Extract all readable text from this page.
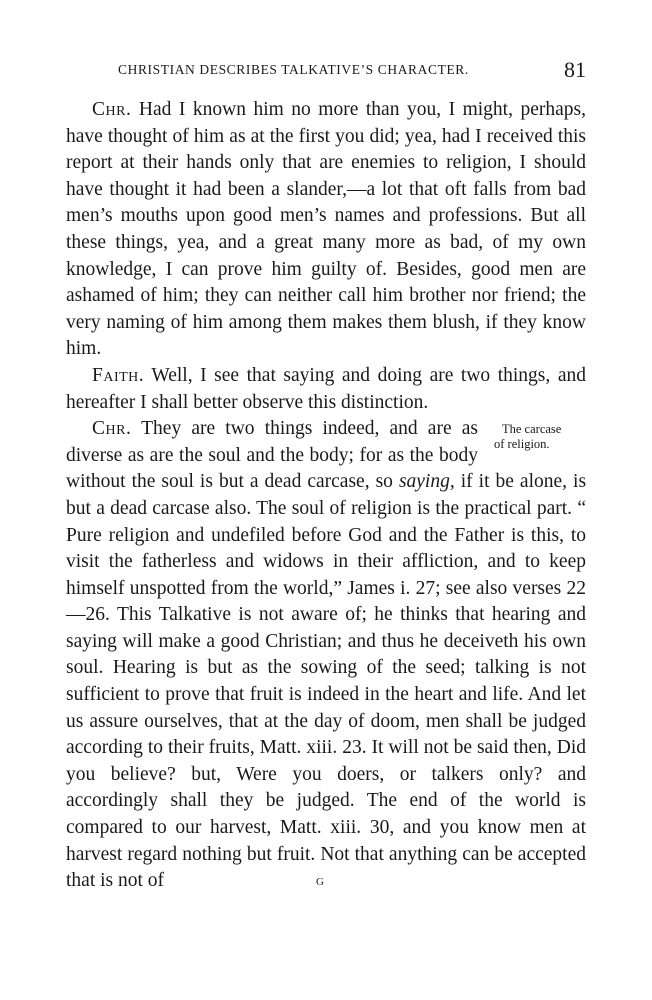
CHRISTIAN DESCRIBES TALKATIVE’S CHARACTER.	81

Chr. Had I known him no more than you, I might, perhaps, have thought of him as at the first you did; yea, had I received this report at their hands only that are enemies to religion, I should have thought it had been a slander,—a lot that oft falls from bad men’s mouths upon good men’s names and professions. But all these things, yea, and a great many more as bad, of my own knowledge, I can prove him guilty of. Besides, good men are ashamed of him; they can neither call him brother nor friend; the very naming of him among them makes them blush, if they know him.

Faith. Well, I see that saying and doing are two things, and hereafter I shall better observe this distinction.

The carcase
of religion.
Chr. They are two things indeed, and are as diverse as are the soul and the body; for as the body without the soul is but a dead carcase, so saying, if it be alone, is but a dead carcase also. The soul of religion is the practical part. “ Pure religion and undefiled before God and the Father is this, to visit the fatherless and widows in their affliction, and to keep himself unspotted from the world,” James i. 27; see also verses 22—26. This Talkative is not aware of; he thinks that hearing and saying will make a good Christian; and thus he deceiveth his own soul. Hearing is but as the sowing of the seed; talking is not sufficient to prove that fruit is indeed in the heart and life. And let us assure ourselves, that at the day of doom, men shall be judged according to their fruits, Matt. xiii. 23. It will not be said then, Did you believe? but, Were you doers, or talkers only? and accordingly shall they be judged. The end of the world is compared to our harvest, Matt. xiii. 30, and you know men at harvest regard nothing but fruit. Not that anything can be accepted that is not of	G
